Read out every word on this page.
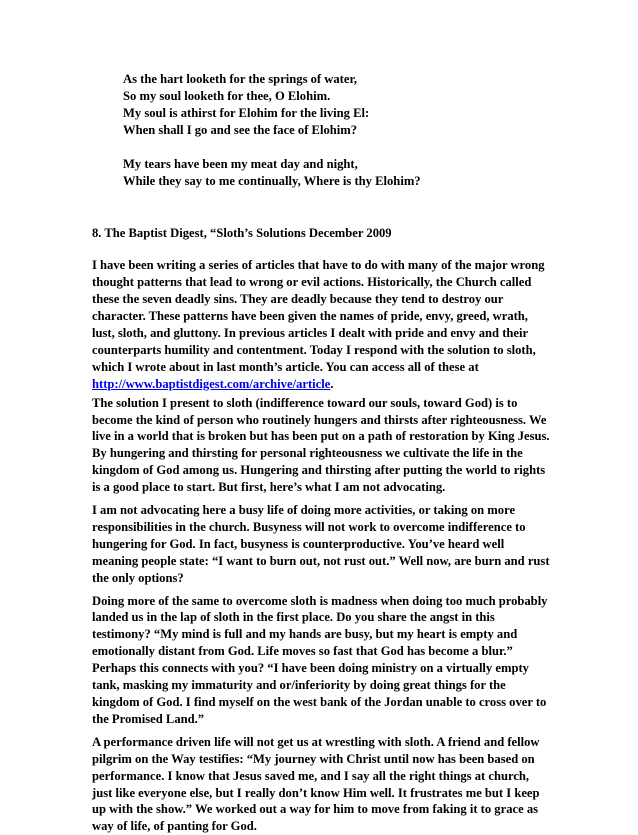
As the hart looketh for the springs of water,
So my soul looketh for thee, O Elohim.
My soul is athirst for Elohim for the living El:
When shall I go and see the face of Elohim?
My tears have been my meat day and night,
While they say to me continually, Where is thy Elohim?
8. The Baptist Digest, “Sloth’s Solutions December 2009

I have been writing a series of articles that have to do with many of the major wrong thought patterns that lead to wrong or evil actions. Historically, the Church called these the seven deadly sins. They are deadly because they tend to destroy our character. These patterns have been given the names of pride, envy, greed, wrath, lust, sloth, and gluttony. In previous articles I dealt with pride and envy and their counterparts humility and contentment. Today I respond with the solution to sloth, which I wrote about in last month’s article. You can access all of these at http://www.baptistdigest.com/archive/article.

The solution I present to sloth (indifference toward our souls, toward God) is to become the kind of person who routinely hungers and thirsts after righteousness. We live in a world that is broken but has been put on a path of restoration by King Jesus. By hungering and thirsting for personal righteousness we cultivate the life in the kingdom of God among us. Hungering and thirsting after putting the world to rights is a good place to start. But first, here’s what I am not advocating.

I am not advocating here a busy life of doing more activities, or taking on more responsibilities in the church. Busyness will not work to overcome indifference to hungering for God. In fact, busyness is counterproductive. You’ve heard well meaning people state: “I want to burn out, not rust out.” Well now, are burn and rust the only options?

Doing more of the same to overcome sloth is madness when doing too much probably landed us in the lap of sloth in the first place. Do you share the angst in this testimony? “My mind is full and my hands are busy, but my heart is empty and emotionally distant from God. Life moves so fast that God has become a blur.” Perhaps this connects with you? “I have been doing ministry on a virtually empty tank, masking my immaturity and or/inferiority by doing great things for the kingdom of God. I find myself on the west bank of the Jordan unable to cross over to the Promised Land.”

A performance driven life will not get us at wrestling with sloth. A friend and fellow pilgrim on the Way testifies: “My journey with Christ until now has been based on performance. I know that Jesus saved me, and I say all the right things at church, just like everyone else, but I really don’t know Him well. It frustrates me but I keep up with the show.” We worked out a way for him to move from faking it to grace as way of life, of panting for God.
